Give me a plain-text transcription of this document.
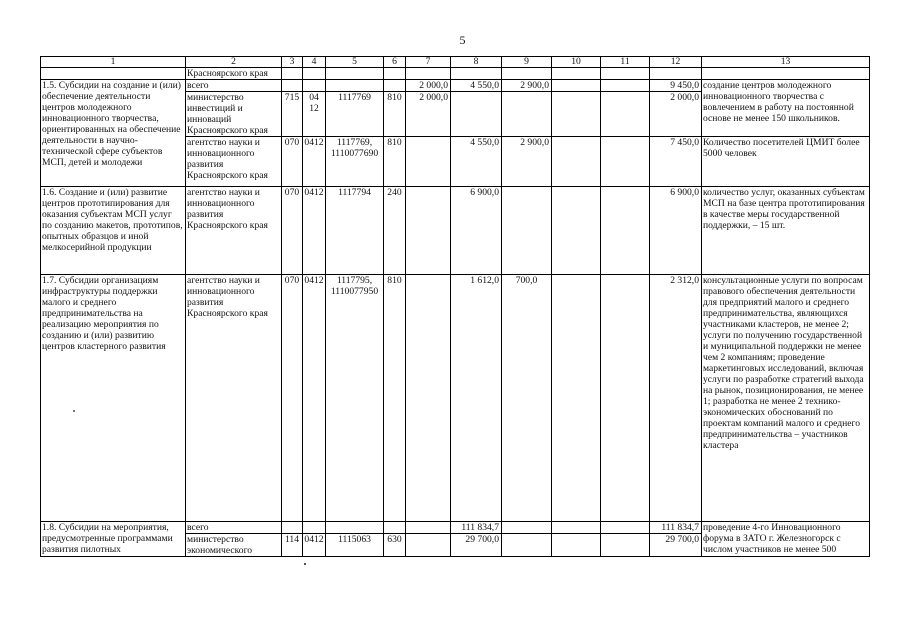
5
1	2	3	4	5	6	7	8	9	10	11	12	13
	Красноярского края											
1.5. Субсидии на создание и (или) обеспечение деятельности центров молодежного инновационного творчества, ориентированных на обеспечение деятельности в научно-технической сфере субъектов МСП, детей и молодежи	всего					2 000,0	4 550,0	2 900,0			9 450,0	создание центров молодежного инновационного творчества с вовлечением в работу на постоянной основе не менее 150 школьников.
	министерство инвестиций и инноваций Красноярского края	715	04 12	1117769	810	2 000,0					2 000,0	
	агентство науки и инновационного развития Красноярского края	070	0412	1117769, 1110077690	810		4 550,0	2 900,0			7 450,0	Количество посетителей ЦМИТ более 5000 человек
1.6. Создание и (или) развитие центров прототипирования для оказания субъектам МСП услуг по созданию макетов, прототипов, опытных образцов и иной мелкосерийной продукции	агентство науки и инновационного развития Красноярского края	070	0412	1117794	240		6 900,0				6 900,0	количество услуг, оказанных субъектам МСП на базе центра прототипирования в качестве меры государственной поддержки, – 15 шт.
1.7. Субсидии организациям инфраструктуры поддержки малого и среднего предпринимательства на реализацию мероприятия по созданию и (или) развитию центров кластерного развития	агентство науки и инновационного развития Красноярского края	070	0412	1117795, 1110077950	810		1 612,0	700,0			2 312,0	консультационные услуги по вопросам правового обеспечения деятельности для предприятий малого и среднего предпринимательства, являющихся участниками кластеров, не менее 2; услуги по получению государственной и муниципальной поддержки не менее чем 2 компаниям; проведение маркетинговых исследований, включая услуги по разработке стратегий выхода на рынок, позиционирования, не менее 1; разработка не менее 2 технико-экономических обоснований по проектам компаний малого и среднего предпринимательства – участников кластера
1.8. Субсидии на мероприятия, предусмотренные программами развития пилотных	всего						111 834,7				111 834,7	проведение 4-го Инновационного форума в ЗАТО г. Железногорск с числом участников не менее 500
	министерство экономического	114	0412	1115063	630		29 700,0				29 700,0	
